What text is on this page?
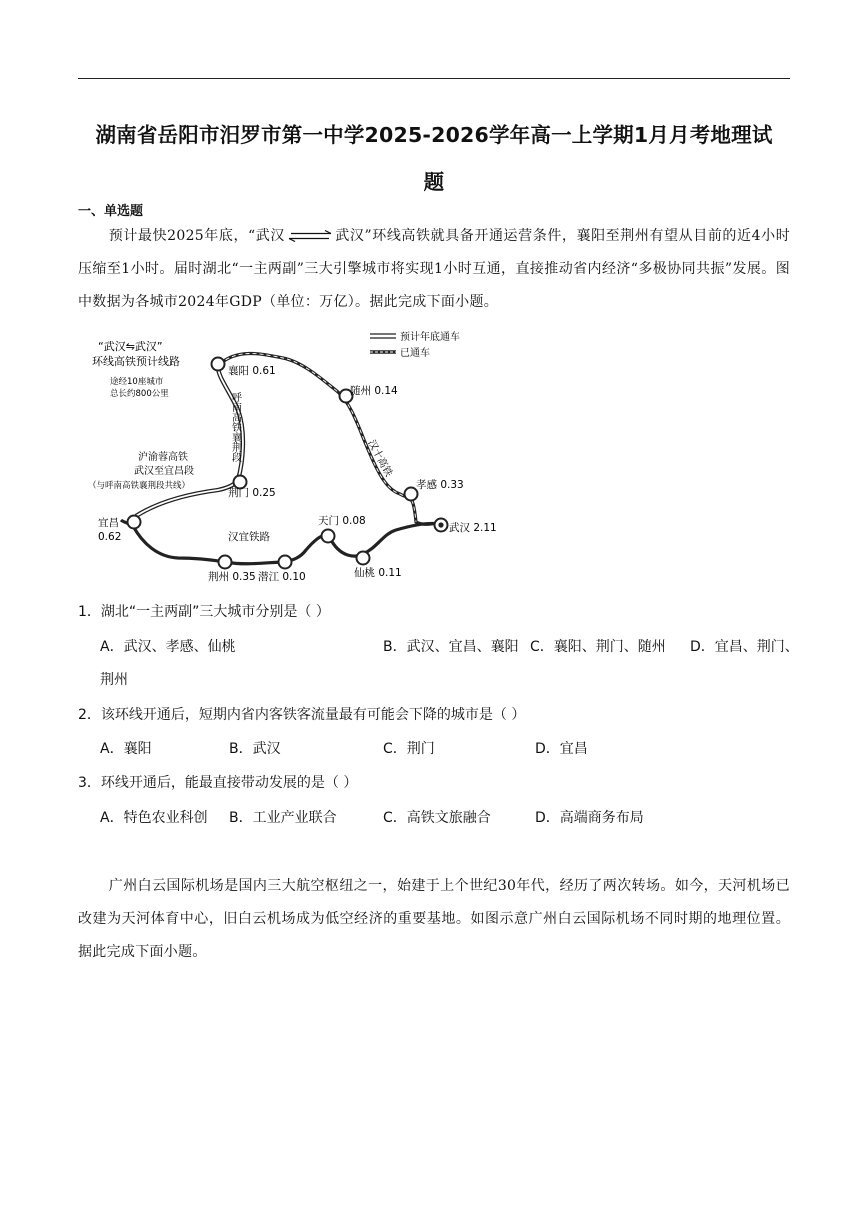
湖南省岳阳市汨罗市第一中学2025-2026学年高一上学期1月月考地理试
题
一、单选题
预计最快2025年底，“武汉	武汉”环线高铁就具备开通运营条件，襄阳至荆州有望从目前的近4小时压缩至1小时。届时湖北“一主两副”三大引擎城市将实现1小时互通，直接推动省内经济“多极协同共振”发展。图中数据为各城市2024年GDP（单位：万亿）。据此完成下面小题。
预计年底通车
已通车
“武汉⇋武汉”
环线高铁预计线路
途经10座城市
总长约800公里
沪渝蓉高铁
武汉至宜昌段
（与呼南高铁襄荆段共线）
汉宜铁路
汉十高铁
呼南高铁襄荆段
襄阳 0.61
随州 0.14
孝感 0.33
武汉 2.11
天门 0.08
仙桃 0.11
潜江 0.10
荆州 0.35
宜昌
0.62
荆门 0.25
1．湖北“一主两副”三大城市分别是（ ）
A．武汉、孝感、仙桃	B．武汉、宜昌、襄阳 C．襄阳、荆门、随州 D．宜昌、荆门、
荆州
2．该环线开通后，短期内省内客铁客流量最有可能会下降的城市是（ ）
A．襄阳	B．武汉	C．荆门	D．宜昌
3．环线开通后，能最直接带动发展的是（ ）
A．特色农业科创 B．工业产业联合	C．高铁文旅融合	D．高端商务布局
广州白云国际机场是国内三大航空枢纽之一，始建于上个世纪30年代，经历了两次转场。如今，天河机场已改建为天河体育中心，旧白云机场成为低空经济的重要基地。如图示意广州白云国际机场不同时期的地理位置。据此完成下面小题。
